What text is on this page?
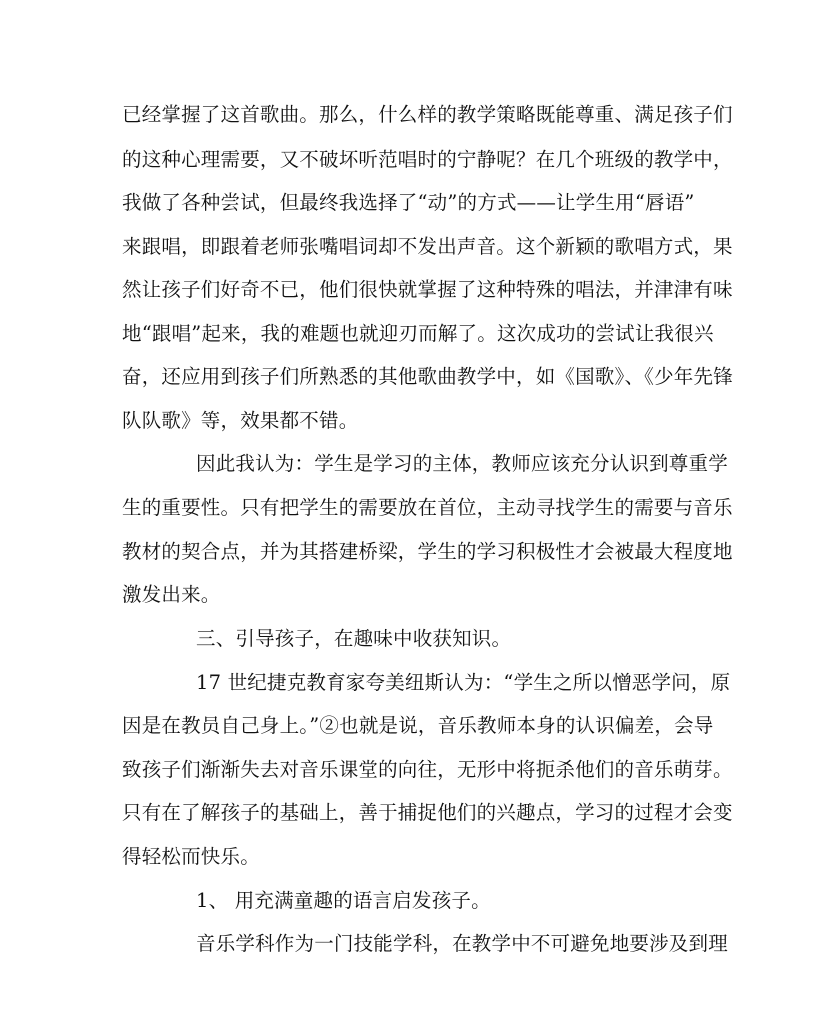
已经掌握了这首歌曲。那么，什么样的教学策略既能尊重、满足孩子们
的这种心理需要，又不破坏听范唱时的宁静呢？在几个班级的教学中，
我做了各种尝试，但最终我选择了“动”的方式——让学生用“唇语”
来跟唱，即跟着老师张嘴唱词却不发出声音。这个新颖的歌唱方式，果
然让孩子们好奇不已，他们很快就掌握了这种特殊的唱法，并津津有味
地“跟唱”起来，我的难题也就迎刃而解了。这次成功的尝试让我很兴
奋，还应用到孩子们所熟悉的其他歌曲教学中，如《国歌》、《少年先锋
队队歌》等，效果都不错。
因此我认为：学生是学习的主体，教师应该充分认识到尊重学
生的重要性。只有把学生的需要放在首位，主动寻找学生的需要与音乐
教材的契合点，并为其搭建桥梁，学生的学习积极性才会被最大程度地
激发出来。
三、引导孩子，在趣味中收获知识。
17 世纪捷克教育家夸美纽斯认为：“学生之所以憎恶学问，原
因是在教员自己身上。”②也就是说，音乐教师本身的认识偏差，会导
致孩子们渐渐失去对音乐课堂的向往，无形中将扼杀他们的音乐萌芽。
只有在了解孩子的基础上，善于捕捉他们的兴趣点，学习的过程才会变
得轻松而快乐。
1、 用充满童趣的语言启发孩子。
音乐学科作为一门技能学科，在教学中不可避免地要涉及到理
